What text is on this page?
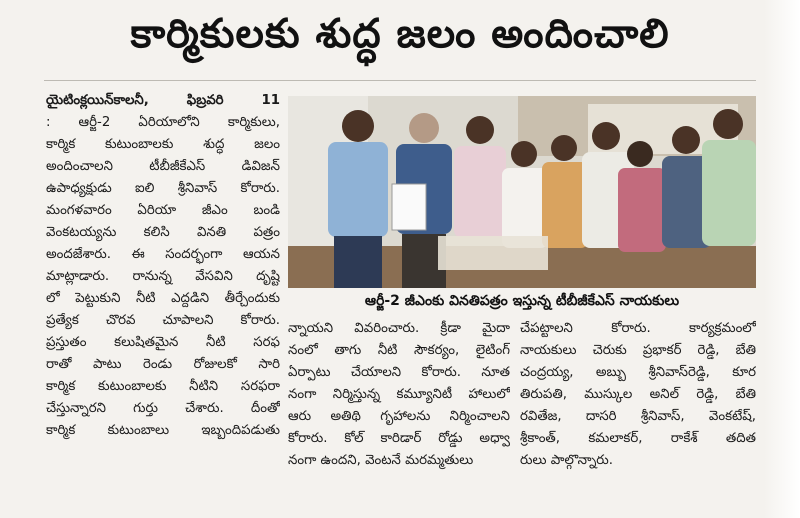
కార్మికులకు శుద్ధ జలం అందించాలి
యైటింక్లయిన్‌కాలనీ, ఫిబ్రవరి 11
: ఆర్జీ-2 ఏరియాలోని కార్మికులు,
కార్మిక కుటుంబాలకు శుద్ధ జలం
అందించాలని టీబీజీకేఎస్ డివిజన్
ఉపాధ్యక్షుడు ఐలి శ్రీనివాస్ కోరారు.
మంగళవారం ఏరియా జీఎం బండి
వెంకటయ్యను కలిసి వినతి పత్రం
అందజేశారు. ఈ సందర్భంగా ఆయన
మాట్లాడారు. రానున్న వేసవిని దృష్టి
లో పెట్టుకుని నీటి ఎద్దడిని తీర్చేందుకు
ప్రత్యేక చొరవ చూపాలని కోరారు.
ప్రస్తుతం కలుషితమైన నీటి సరఫ
రాతో పాటు రెండు రోజులకో సారి
కార్మిక కుటుంబాలకు నీటిని సరఫరా
చేస్తున్నారని గుర్తు చేశారు. దీంతో
కార్మిక కుటుంబాలు ఇబ్బందిపడుతు
ఆర్జీ-2 జీఎంకు వినతిపత్రం ఇస్తున్న టీబీజీకేఎస్ నాయకులు
న్నాయని వివరించారు. క్రీడా మైదా
నంలో తాగు నీటి సౌకర్యం, లైటింగ్
ఏర్పాటు చేయాలని కోరారు. నూత
నంగా నిర్మిస్తున్న కమ్యూనిటీ హాలులో
ఆరు అతిథి గృహాలను నిర్మించాలని
కోరారు. కోల్ కారిడార్ రోడ్డు అధ్వా
నంగా ఉందని, వెంటనే మరమ్మతులు
చేపట్టాలని కోరారు. కార్యక్రమంలో
నాయకులు చెరుకు ప్రభాకర్ రెడ్డి, బేతి
చంద్రయ్య, అబ్బు శ్రీనివాస్‌రెడ్డి, కూర
తిరుపతి, ముస్కుల అనిల్ రెడ్డి, బేతి
రవితేజ, దాసరి శ్రీనివాస్, వెంకటేష్,
శ్రీకాంత్, కమలాకర్, రాకేశ్ తదిత
రులు పాల్గొన్నారు.
